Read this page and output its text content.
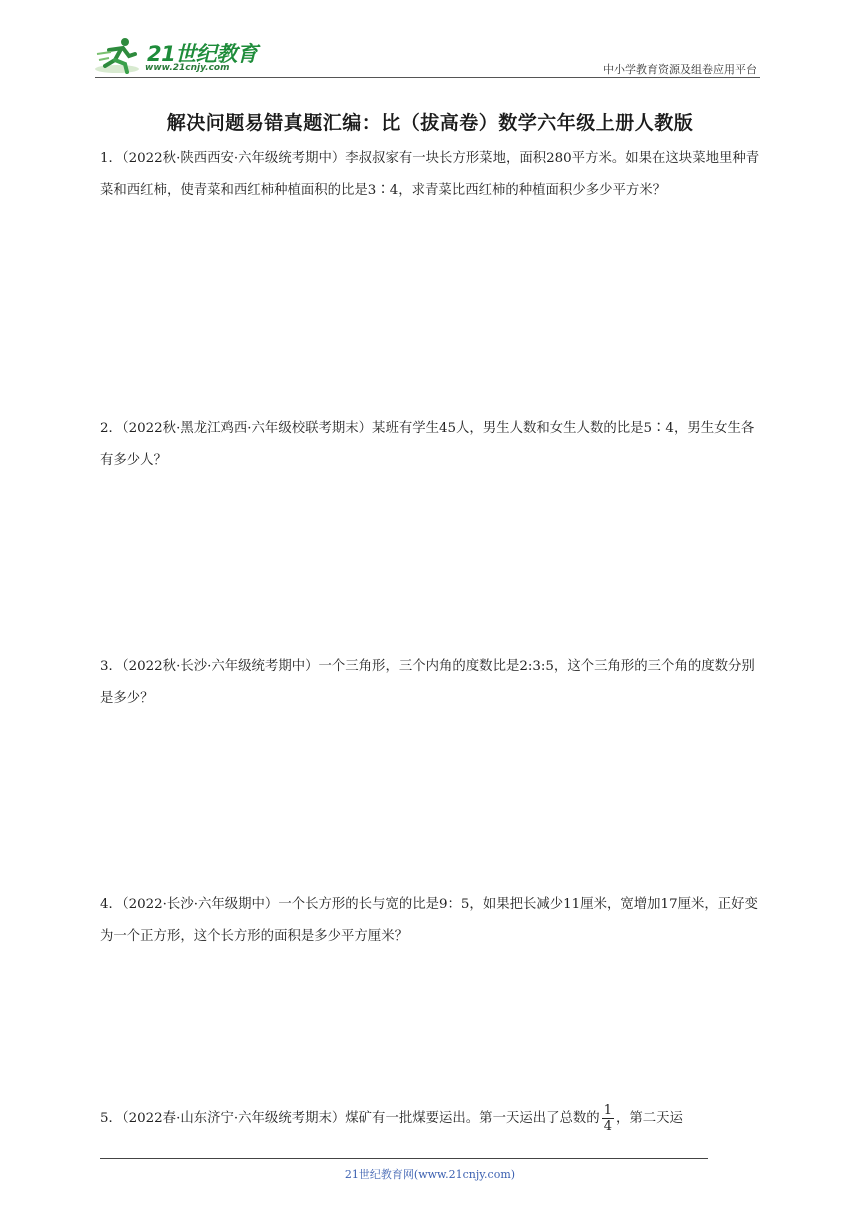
21世纪教育
www.21cnjy.com	中小学教育资源及组卷应用平台
解决问题易错真题汇编：比（拔高卷）数学六年级上册人教版
1．（2022秋·陕西西安·六年级统考期中）李叔叔家有一块长方形菜地，面积280平方米。如果在这块菜地里种青菜和西红柿，使青菜和西红柿种植面积的比是3∶4，求青菜比西红柿的种植面积少多少平方米？
2．（2022秋·黑龙江鸡西·六年级校联考期末）某班有学生45人，男生人数和女生人数的比是5∶4，男生女生各有多少人？
3．（2022秋·长沙·六年级统考期中）一个三角形，三个内角的度数比是2:3:5，这个三角形的三个角的度数分别是多少？
4．（2022·长沙·六年级期中）一个长方形的长与宽的比是9：5，如果把长减少11厘米，宽增加17厘米，正好变为一个正方形，这个长方形的面积是多少平方厘米？
5．（2022春·山东济宁·六年级统考期末）煤矿有一批煤要运出。第一天运出了总数的 $\frac{1}{4}$ ，第二天运
21世纪教育网(www.21cnjy.com)
